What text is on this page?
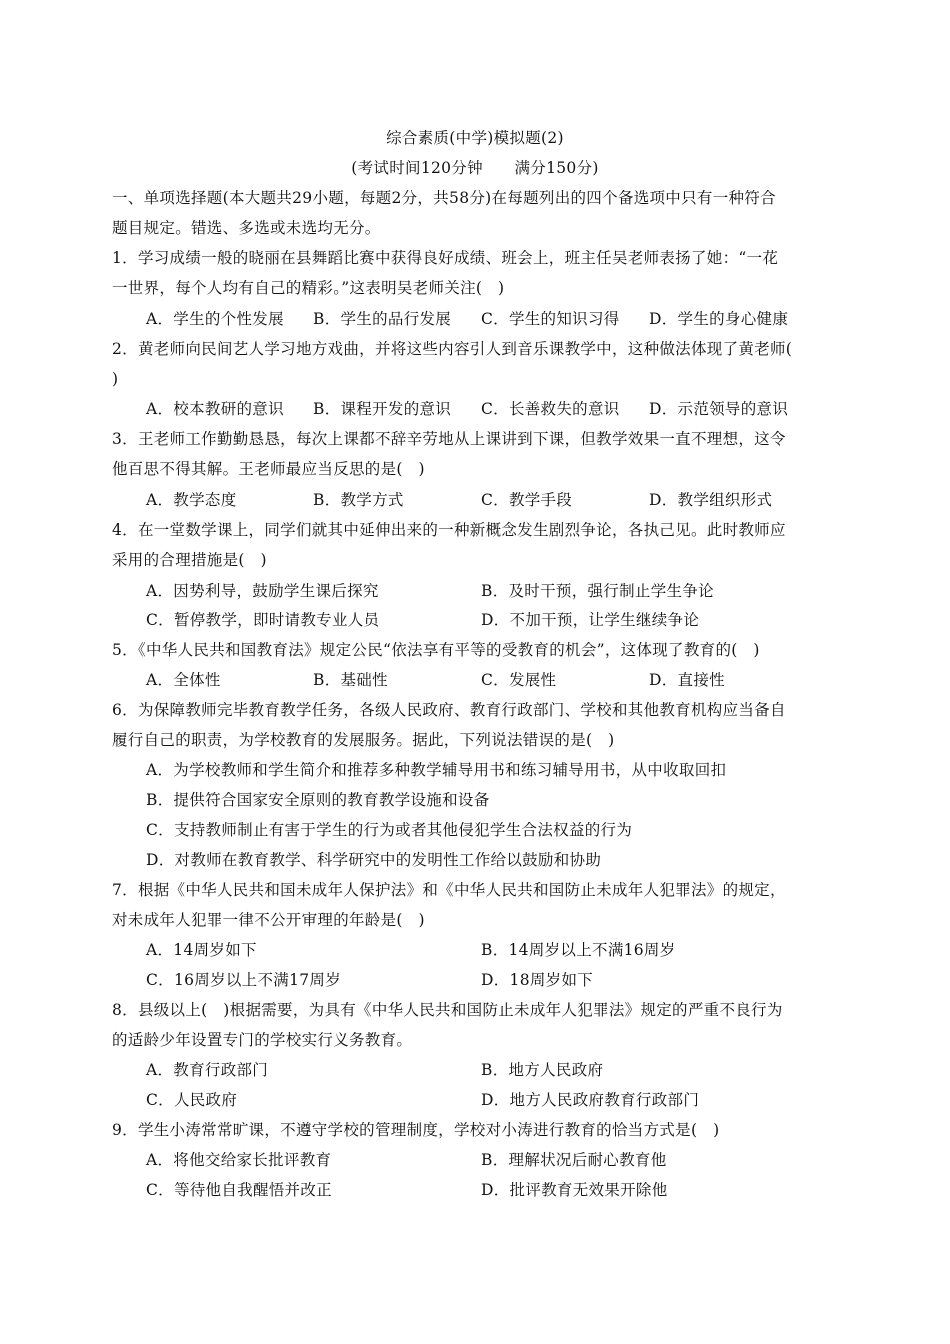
综合素质(中学)模拟题(2)
(考试时间120分钟　　满分150分)
一、单项选择题(本大题共29小题，每题2分，共58分)在每题列出的四个备选项中只有一种符合
题目规定。错选、多选或未选均无分。
1．学习成绩一般的晓丽在县舞蹈比赛中获得良好成绩、班会上，班主任吴老师表扬了她：“一花
一世界，每个人均有自己的精彩。”这表明吴老师关注(　)
A．学生的个性发展 B．学生的品行发展 C．学生的知识习得 D．学生的身心健康
2．黄老师向民间艺人学习地方戏曲，并将这些内容引人到音乐课教学中，这种做法体现了黄老师(
)
A．校本教研的意识 B．课程开发的意识 C．长善救失的意识 D．示范领导的意识
3．王老师工作勤勤恳恳，每次上课都不辞辛劳地从上课讲到下课，但教学效果一直不理想，这令
他百思不得其解。王老师最应当反思的是(　)
A．教学态度	B．教学方式	C．教学手段	D．教学组织形式
4．在一堂数学课上，同学们就其中延伸出来的一种新概念发生剧烈争论，各执己见。此时教师应
采用的合理措施是(　)
A．因势利导，鼓励学生课后探究	B．及时干预，强行制止学生争论
C．暂停教学，即时请教专业人员	D．不加干预，让学生继续争论
5．《中华人民共和国教育法》规定公民“依法享有平等的受教育的机会”，这体现了教育的(　)
A．全体性	B．基础性	C．发展性	D．直接性
6．为保障教师完毕教育教学任务，各级人民政府、教育行政部门、学校和其他教育机构应当备自
履行自己的职责，为学校教育的发展服务。据此，下列说法错误的是(　)
A．为学校教师和学生简介和推荐多种教学辅导用书和练习辅导用书，从中收取回扣
B．提供符合国家安全原则的教育教学设施和设备
C．支持教师制止有害于学生的行为或者其他侵犯学生合法权益的行为
D．对教师在教育教学、科学研究中的发明性工作给以鼓励和协助
7．根据《中华人民共和国未成年人保护法》和《中华人民共和国防止未成年人犯罪法》的规定，
对未成年人犯罪一律不公开审理的年龄是(　)
A．14周岁如下	B．14周岁以上不满16周岁
C．16周岁以上不满17周岁	D．18周岁如下
8．县级以上(　)根据需要，为具有《中华人民共和国防止未成年人犯罪法》规定的严重不良行为
的适龄少年设置专门的学校实行义务教育。
A．教育行政部门	B．地方人民政府
C．人民政府	D．地方人民政府教育行政部门
9．学生小涛常常旷课，不遵守学校的管理制度，学校对小涛进行教育的恰当方式是(　)
A．将他交给家长批评教育	B．理解状况后耐心教育他
C．等待他自我醒悟并改正	D．批评教育无效果开除他
